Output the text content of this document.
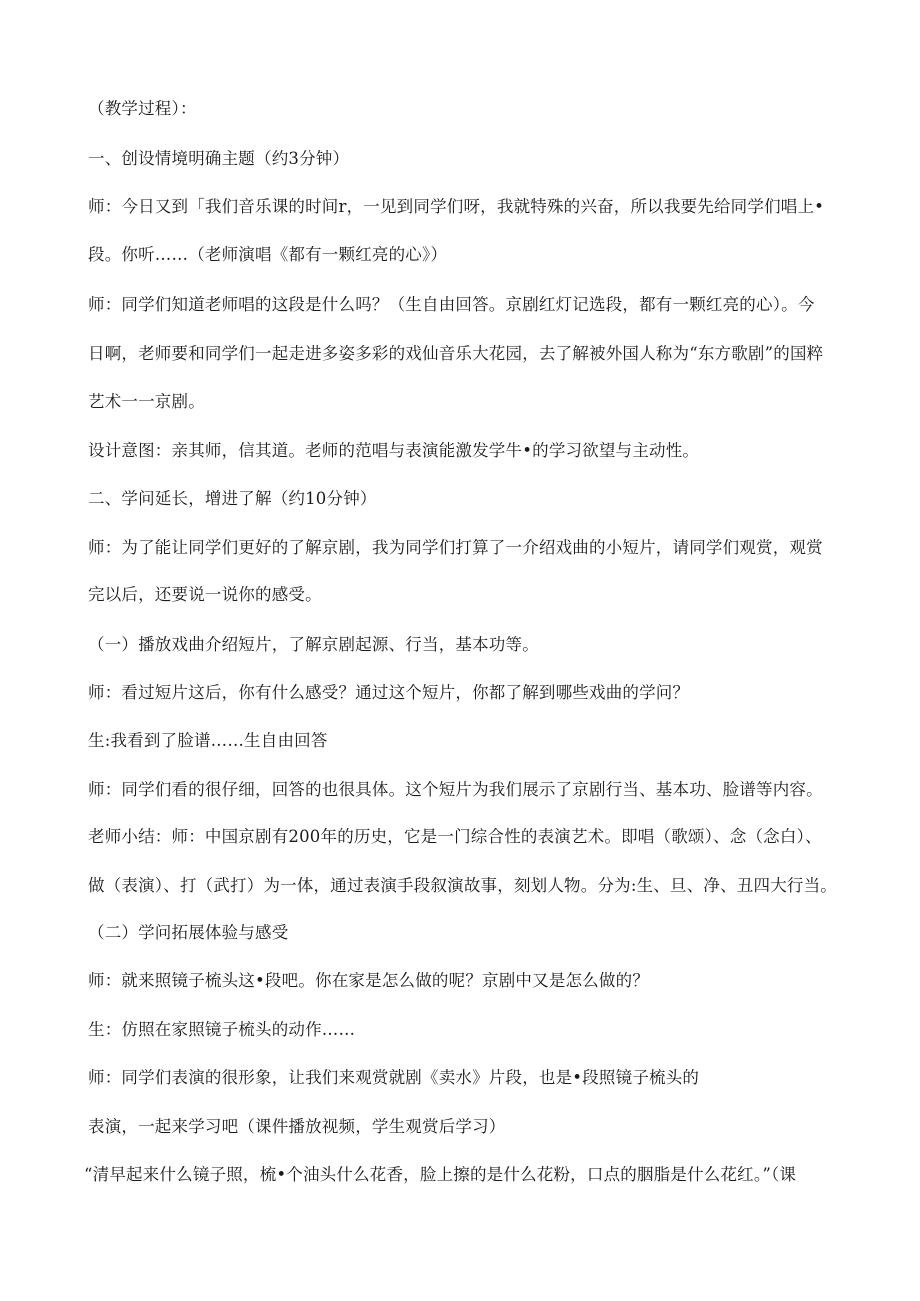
（教学过程）：
一、创设情境明确主题（约3分钟）
师：今日又到「我们音乐课的时间r，一见到同学们呀，我就特殊的兴奋，所以我要先给同学们唱上•
段。你听……（老师演唱《都有一颗红亮的心》）
师：同学们知道老师唱的这段是什么吗？（生自由回答。京剧红灯记选段，都有一颗红亮的心）。今
日啊，老师要和同学们一起走进多姿多彩的戏仙音乐大花园，去了解被外国人称为“东方歌剧”的国粹
艺术一一京剧。
设计意图：亲其师，信其道。老师的范唱与表演能激发学牛•的学习欲望与主动性。
二、学问延长，增进了解（约10分钟）
师：为了能让同学们更好的了解京剧，我为同学们打算了一介绍戏曲的小短片，请同学们观赏，观赏
完以后，还要说一说你的感受。
（一）播放戏曲介绍短片，了解京剧起源、行当，基本功等。
师：看过短片这后，你有什么感受？通过这个短片，你都了解到哪些戏曲的学问？
生:我看到了脸谱……生自由回答
师：同学们看的很仔细，回答的也很具体。这个短片为我们展示了京剧行当、基本功、脸谱等内容。
老师小结：师：中国京剧有200年的历史，它是一门综合性的表演艺术。即唱（歌颂）、念（念白）、
做（表演）、打（武打）为一体，通过表演手段叙演故事，刻划人物。分为:生、旦、净、丑四大行当。
（二）学问拓展体验与感受
师：就来照镜子梳头这•段吧。你在家是怎么做的呢？京剧中又是怎么做的？
生：仿照在家照镜子梳头的动作……
师：同学们表演的很形象，让我们来观赏就剧《卖水》片段，也是•段照镜子梳头的
表演，一起来学习吧（课件播放视频，学生观赏后学习）
“清早起来什么镜子照，梳•个油头什么花香，脸上擦的是什么花粉，口点的胭脂是什么花红。”（课
